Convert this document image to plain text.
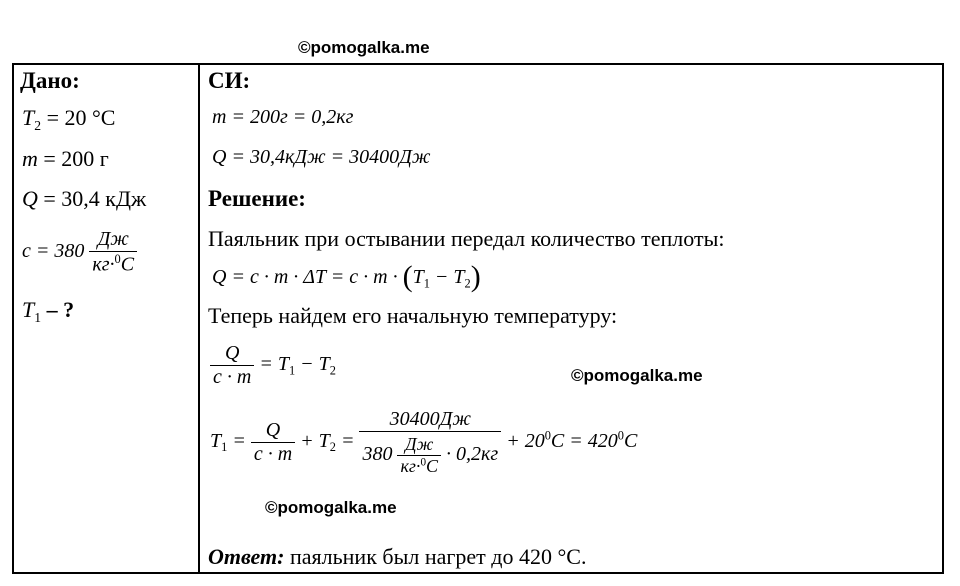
©pomogalka.me
©pomogalka.me
©pomogalka.me
Дано:
$T_2 = 20$ °C
m = 200 г
Q = 30,4 кДж
$c = 380 \frac{Дж}{кг\cdot^0C}$
$T_1$ – ?
СИ:
m = 200г = 0,2кг
Q = 30,4кДж = 30400Дж
Решение:
Паяльник при остывании передал количество теплоты:
$Q = c \cdot m \cdot \Delta T = c \cdot m \cdot (T_1 - T_2)$
Теперь найдем его начальную температуру:
$\frac{Q}{c \cdot m} = T_1 - T_2$
$T_1 = \frac{Q}{c \cdot m} + T_2 = \frac{30400Дж}{380 \frac{Дж}{кг\cdot^0C} \cdot 0,2кг} + 20^0C = 420^0C$
Ответ: паяльник был нагрет до 420 °C.
